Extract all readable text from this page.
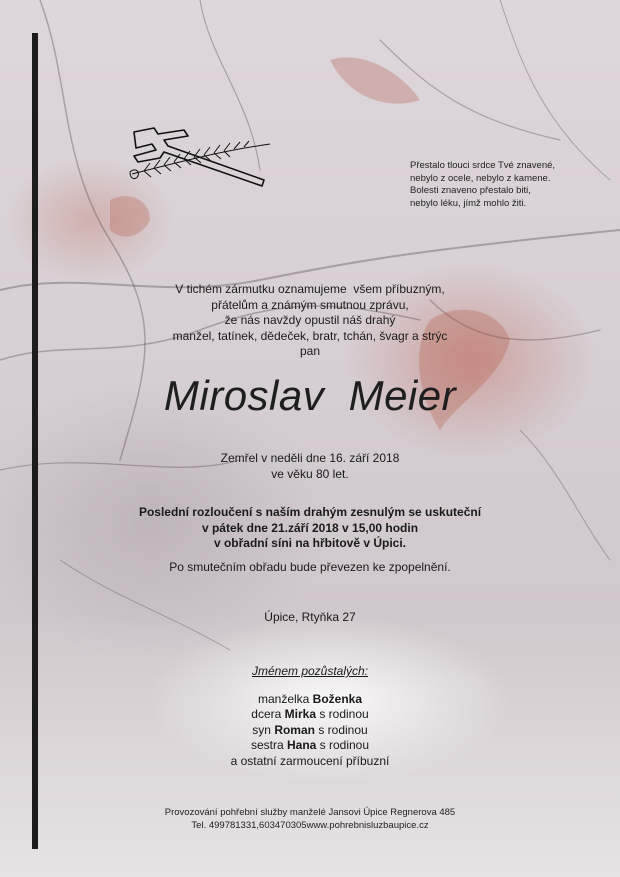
Přestalo tlouci srdce Tvé znavené,
nebylo z ocele, nebylo z kamene.
Bolesti znaveno přestalo biti,
nebylo léku, jímž mohlo žiti.
V tichém zármutku oznamujeme  všem příbuzným,
přátelům a známým smutnou zprávu,
že nás navždy opustil náš drahý
manžel, tatínek, dědeček, bratr, tchán, švagr a strýc
pan
Miroslav  Meier
Zemřel v neděli dne 16. září 2018
ve věku 80 let.
Poslední rozloučení s naším drahým zesnulým se uskuteční
v pátek dne 21.září 2018 v 15,00 hodin
v obřadní síni na hřbitově v Úpici.
Po smutečním obřadu bude převezen ke zpopelnění.
Úpice, Rtyňka 27
Jménem pozůstalých:
manželka Boženka
dcera Mirka s rodinou
syn Roman s rodinou
sestra Hana s rodinou
a ostatní zarmoucení příbuzní
Provozování pohřební služby manželé Jansovi Úpice Regnerova 485
Tel. 499781331,603470305www.pohrebnisluzbaupice.cz
